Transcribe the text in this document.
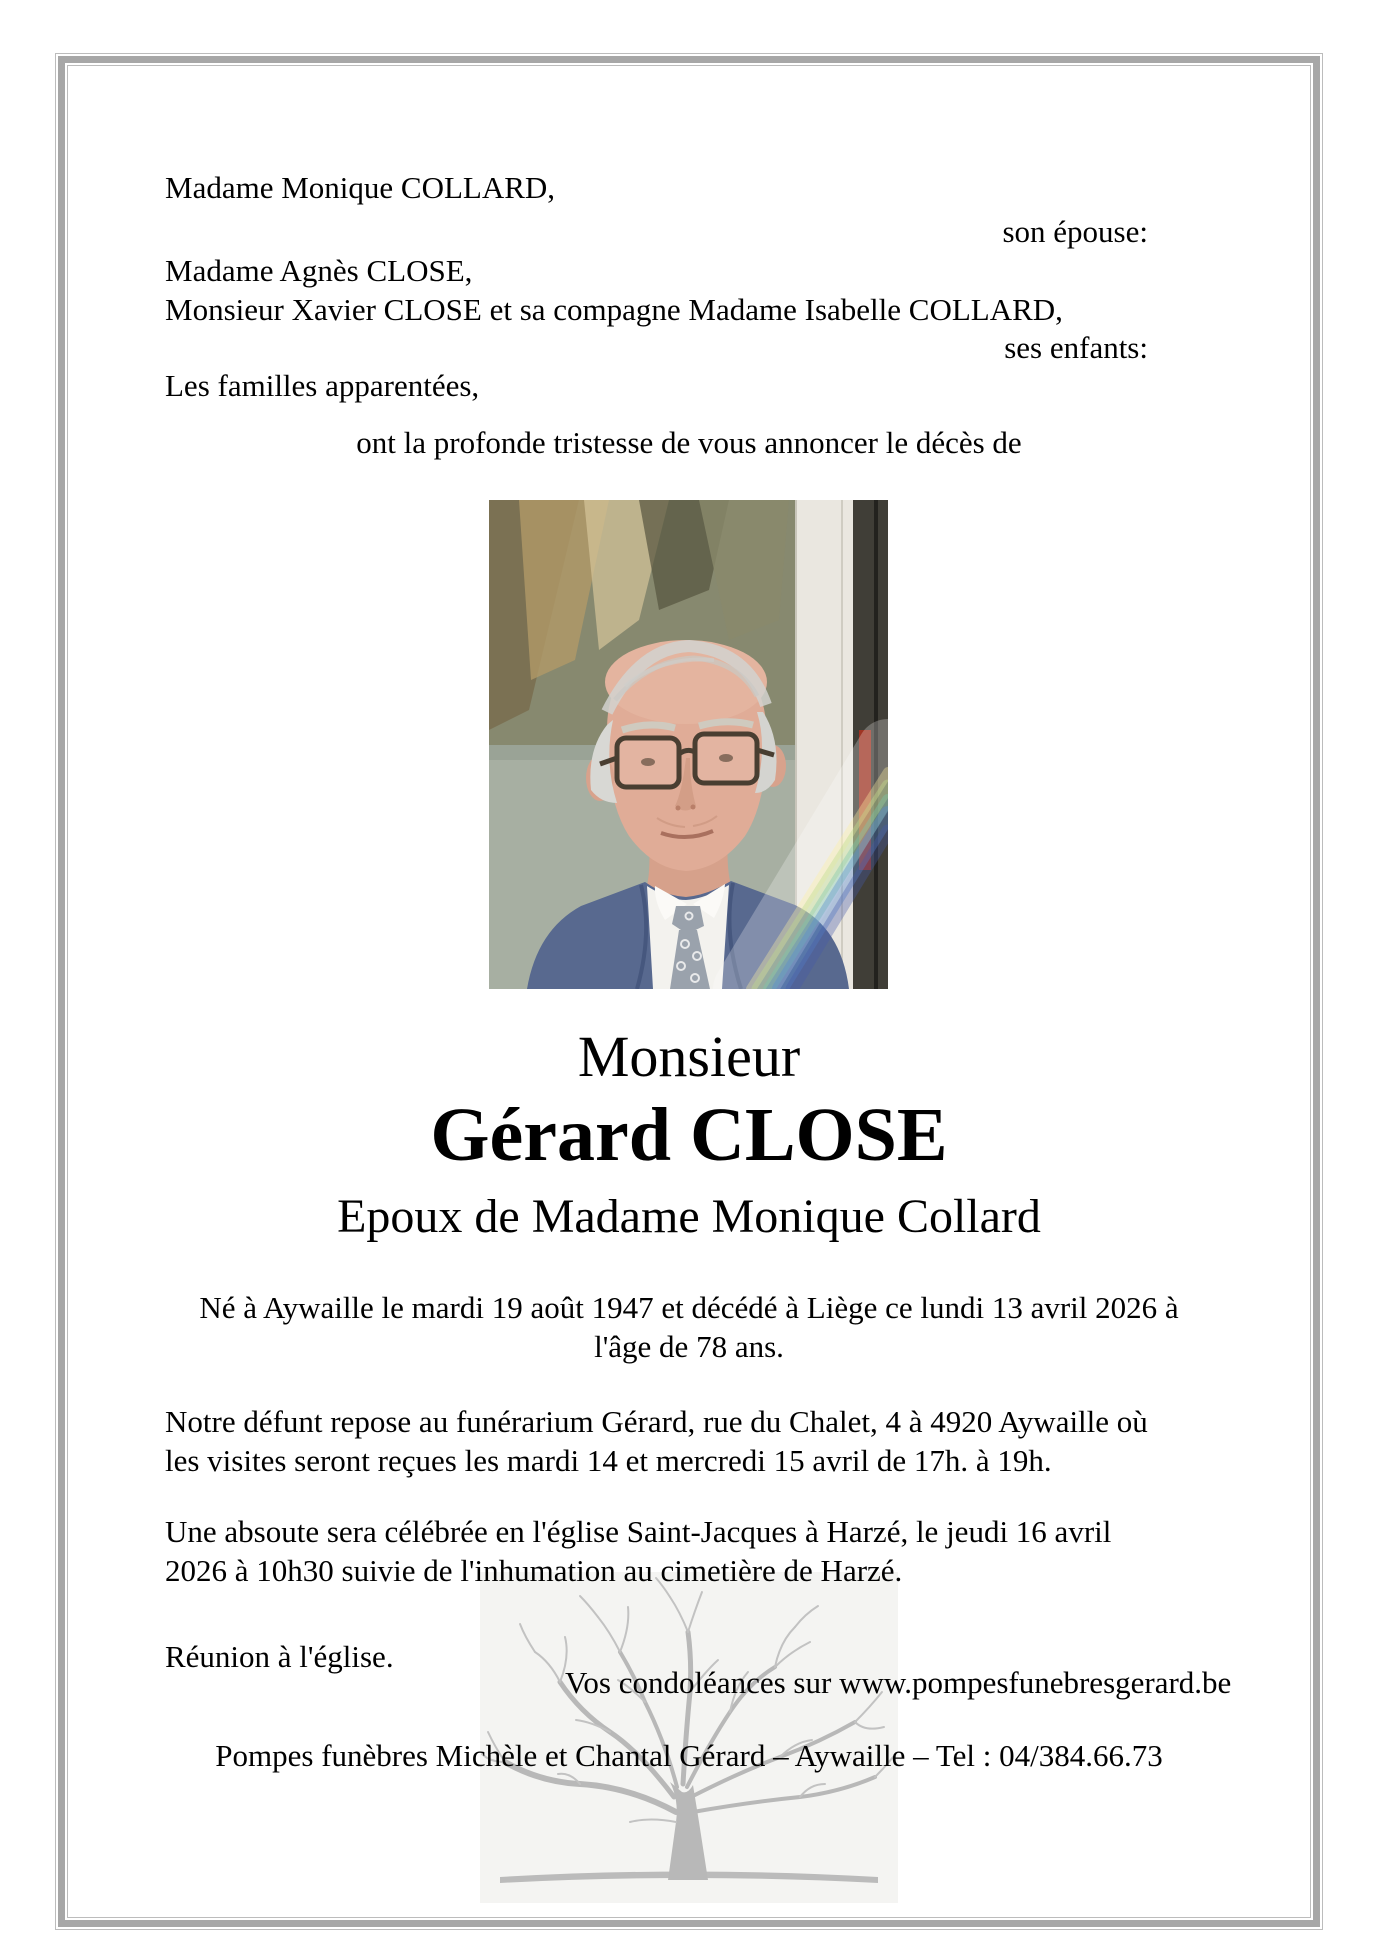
Madame Monique COLLARD,
son épouse:
Madame Agnès CLOSE,
Monsieur Xavier CLOSE et sa compagne Madame Isabelle COLLARD,
ses enfants:
Les familles apparentées,
ont la profonde tristesse de vous annoncer le décès de
Monsieur
Gérard CLOSE
Epoux de Madame Monique Collard
Né à Aywaille le mardi 19 août 1947 et décédé à Liège ce lundi 13 avril 2026 à
l'âge de 78 ans.
Notre défunt repose au funérarium Gérard, rue du Chalet, 4 à 4920 Aywaille où
les visites seront reçues les mardi 14 et mercredi 15 avril de 17h. à 19h.
Une absoute sera célébrée en l'église Saint-Jacques à Harzé, le jeudi 16 avril
2026 à 10h30 suivie de l'inhumation au cimetière de Harzé.
Réunion à l'église.
Vos condoléances sur www.pompesfunebresgerard.be
Pompes funèbres Michèle et Chantal Gérard – Aywaille – Tel : 04/384.66.73
